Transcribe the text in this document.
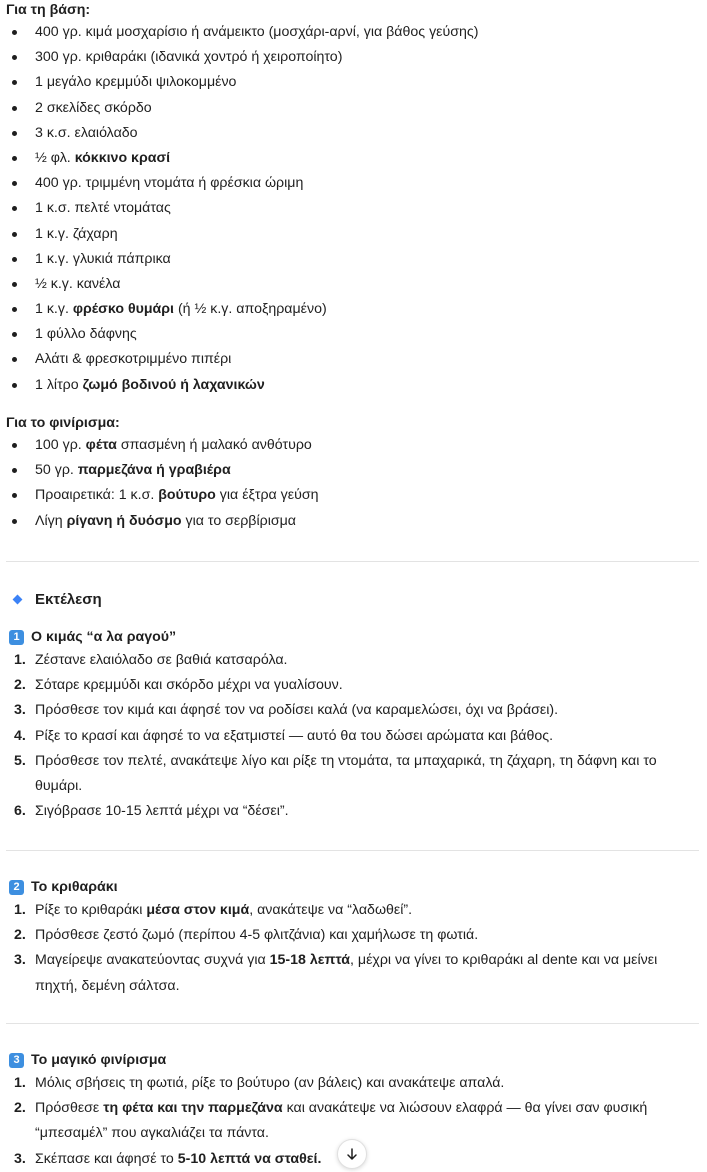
Για τη βάση:
400 γρ. κιμά μοσχαρίσιο ή ανάμεικτο (μοσχάρι-αρνί, για βάθος γεύσης)
300 γρ. κριθαράκι (ιδανικά χοντρό ή χειροποίητο)
1 μεγάλο κρεμμύδι ψιλοκομμένο
2 σκελίδες σκόρδο
3 κ.σ. ελαιόλαδο
½ φλ. κόκκινο κρασί
400 γρ. τριμμένη ντομάτα ή φρέσκια ώριμη
1 κ.σ. πελτέ ντομάτας
1 κ.γ. ζάχαρη
1 κ.γ. γλυκιά πάπρικα
½ κ.γ. κανέλα
1 κ.γ. φρέσκο θυμάρι (ή ½ κ.γ. αποξηραμένο)
1 φύλλο δάφνης
Αλάτι & φρεσκοτριμμένο πιπέρι
1 λίτρο ζωμό βοδινού ή λαχανικών
Για το φινίρισμα:
100 γρ. φέτα σπασμένη ή μαλακό ανθότυρο
50 γρ. παρμεζάνα ή γραβιέρα
Προαιρετικά: 1 κ.σ. βούτυρο για έξτρα γεύση
Λίγη ρίγανη ή δυόσμο για το σερβίρισμα
Εκτέλεση
1 Ο κιμάς “α λα ραγού”
1. Ζέστανε ελαιόλαδο σε βαθιά κατσαρόλα.
2. Σόταρε κρεμμύδι και σκόρδο μέχρι να γυαλίσουν.
3. Πρόσθεσε τον κιμά και άφησέ τον να ροδίσει καλά (να καραμελώσει, όχι να βράσει).
4. Ρίξε το κρασί και άφησέ το να εξατμιστεί — αυτό θα του δώσει αρώματα και βάθος.
5. Πρόσθεσε τον πελτέ, ανακάτεψε λίγο και ρίξε τη ντομάτα, τα μπαχαρικά, τη ζάχαρη, τη δάφνη και το θυμάρι.
6. Σιγόβρασε 10-15 λεπτά μέχρι να “δέσει”.
2 Το κριθαράκι
1. Ρίξε το κριθαράκι μέσα στον κιμά, ανακάτεψε να “λαδωθεί”.
2. Πρόσθεσε ζεστό ζωμό (περίπου 4-5 φλιτζάνια) και χαμήλωσε τη φωτιά.
3. Μαγείρεψε ανακατεύοντας συχνά για 15-18 λεπτά, μέχρι να γίνει το κριθαράκι al dente και να μείνει πηχτή, δεμένη σάλτσα.
3 Το μαγικό φινίρισμα
1. Μόλις σβήσεις τη φωτιά, ρίξε το βούτυρο (αν βάλεις) και ανακάτεψε απαλά.
2. Πρόσθεσε τη φέτα και την παρμεζάνα και ανακάτεψε να λιώσουν ελαφρά — θα γίνει σαν φυσική “μπεσαμέλ” που αγκαλιάζει τα πάντα.
3. Σκέπασε και άφησέ το 5-10 λεπτά να σταθεί.
